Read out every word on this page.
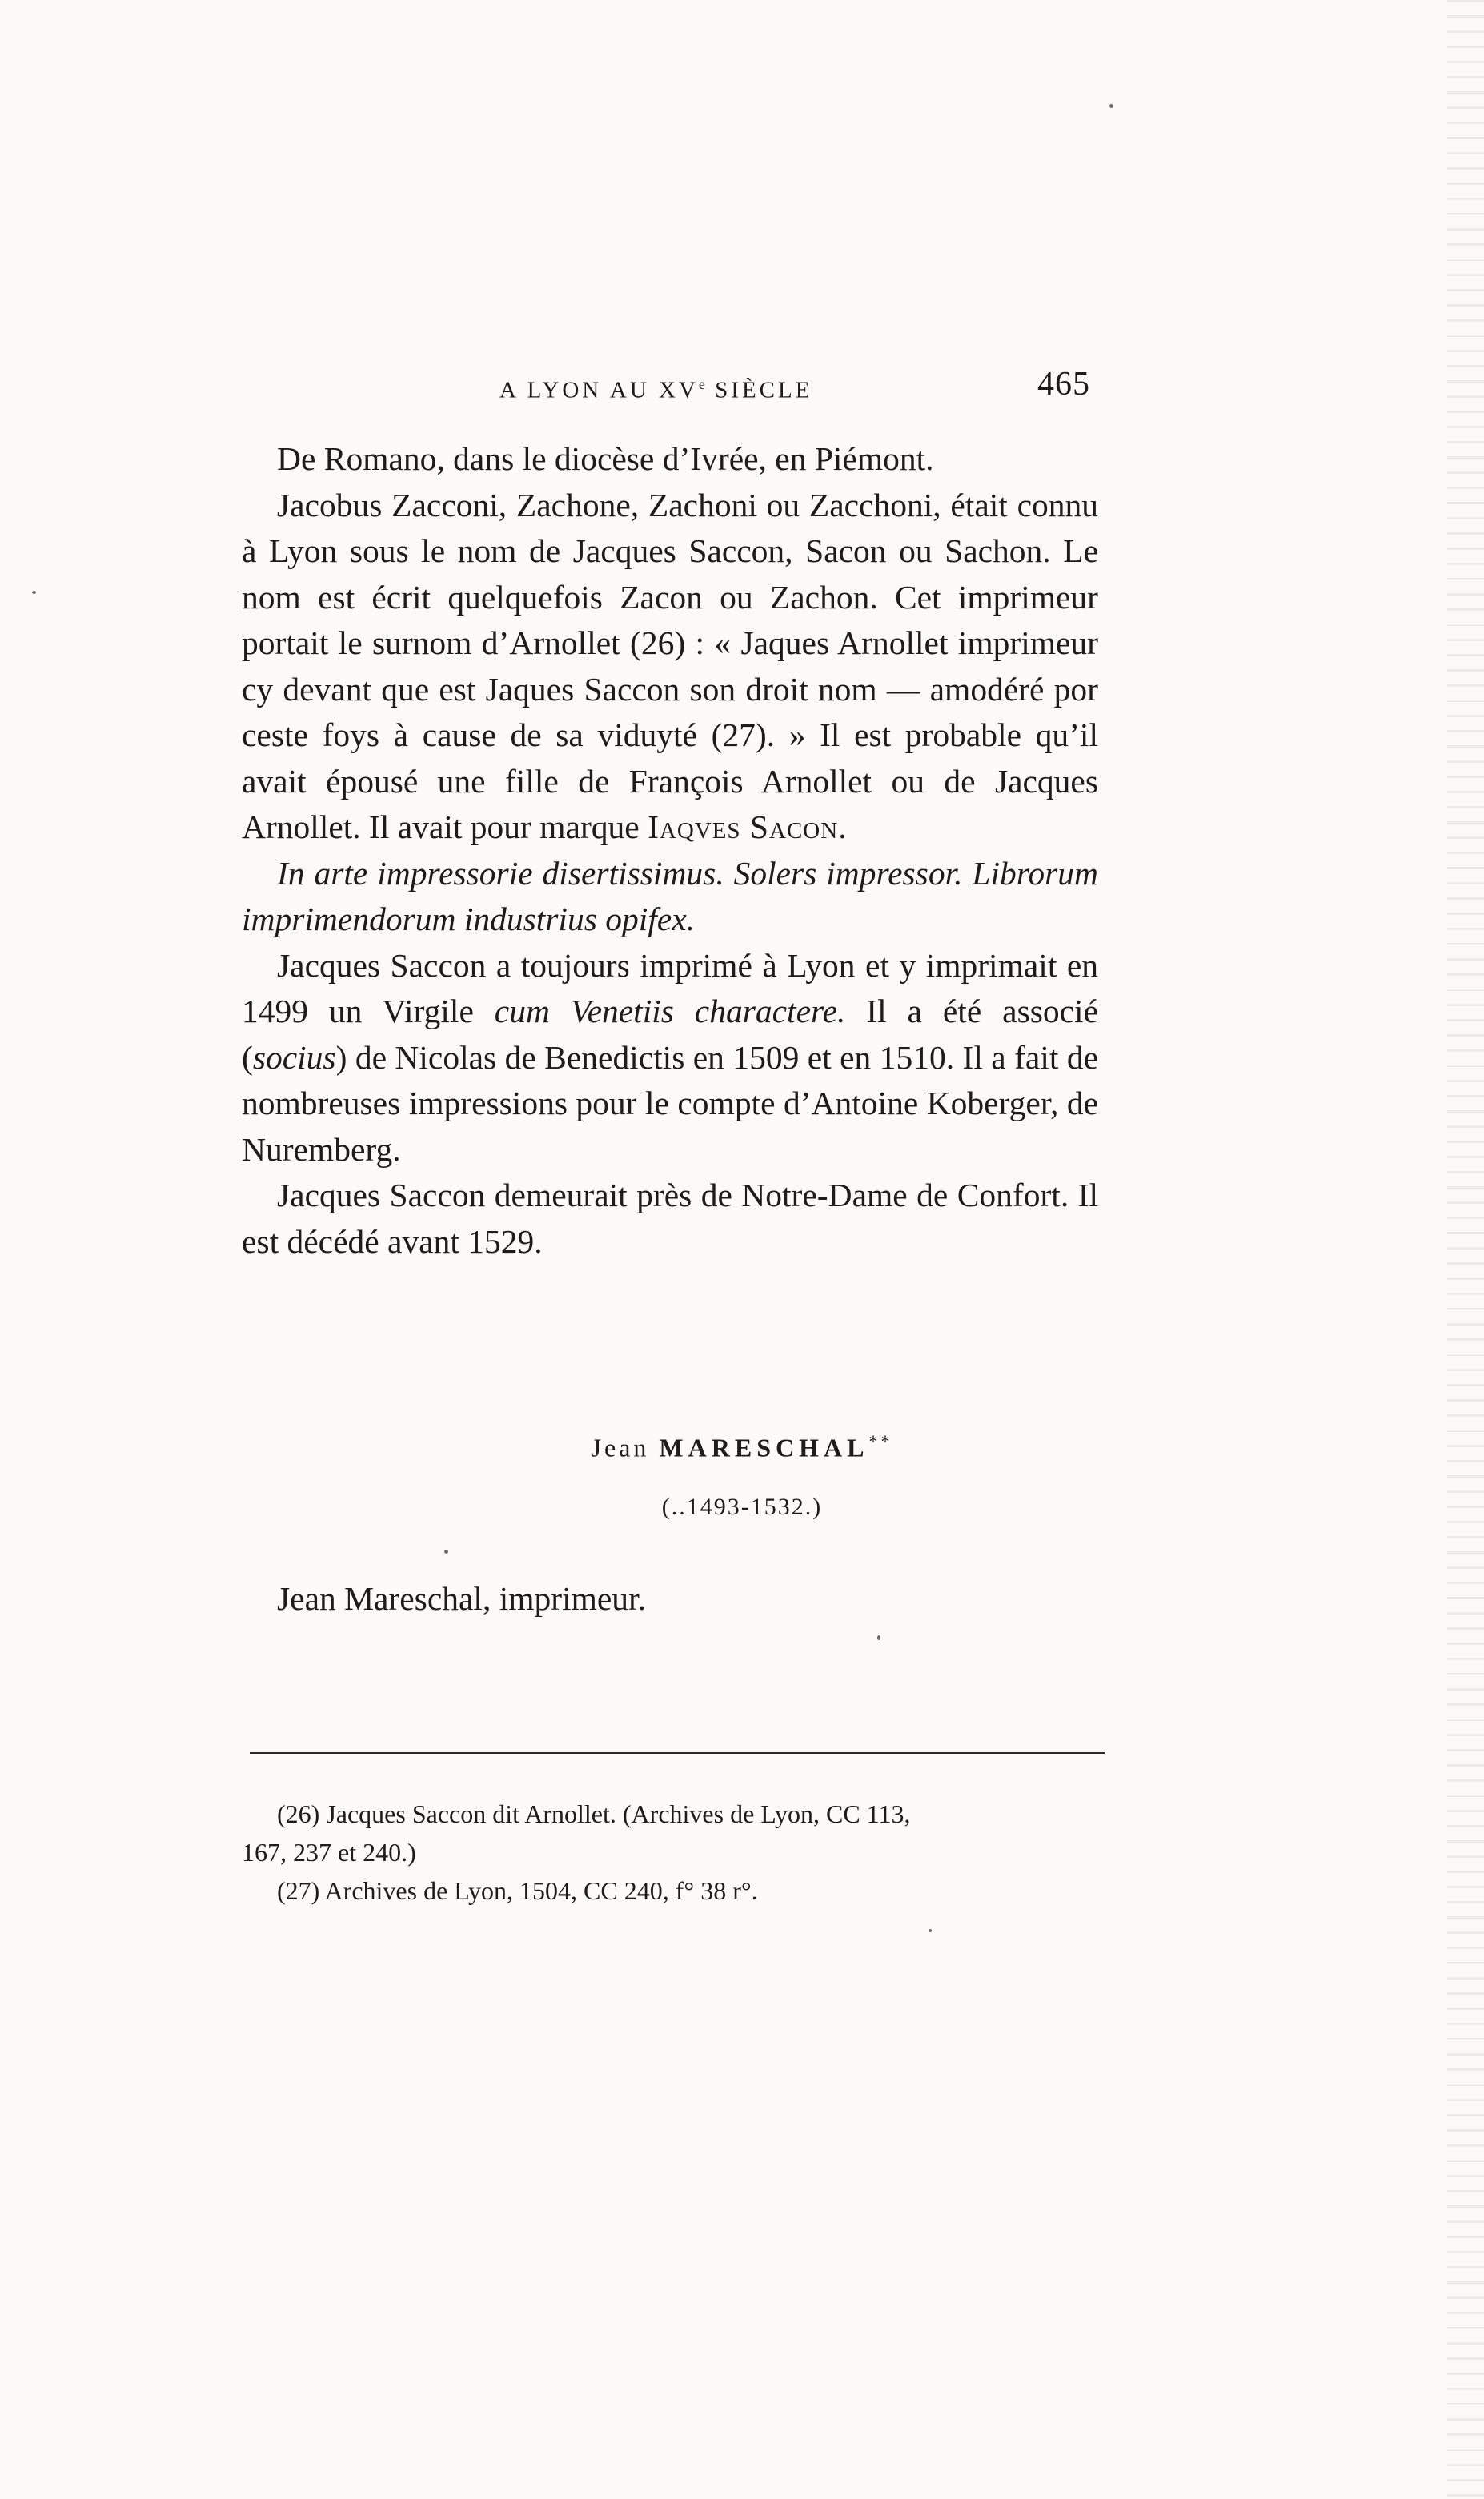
A LYON AU XVe SIÈCLE	465

De Romano, dans le diocèse d’Ivrée, en Piémont.

Jacobus Zacconi, Zachone, Zachoni ou Zacchoni, était connu à Lyon sous le nom de Jacques Saccon, Sacon ou Sachon. Le nom est écrit quelquefois Zacon ou Zachon. Cet imprimeur portait le surnom d’Arnollet (26) : « Jaques Arnollet imprimeur cy devant que est Jaques Saccon son droit nom — amodéré por ceste foys à cause de sa viduyté (27). » Il est probable qu’il avait épousé une fille de François Arnollet ou de Jacques Arnollet. Il avait pour marque Iaqves Sacon.

In arte impressorie disertissimus. Solers impressor. Librorum imprimendorum industrius opifex.

Jacques Saccon a toujours imprimé à Lyon et y imprimait en 1499 un Virgile cum Venetiis charactere. Il a été associé (socius) de Nicolas de Benedictis en 1509 et en 1510. Il a fait de nombreuses impressions pour le compte d’Antoine Koberger, de Nuremberg.

Jacques Saccon demeurait près de Notre-Dame de Confort. Il est décédé avant 1529.

Jean MARESCHAL**
(..1493-1532.)
Jean Mareschal, imprimeur.

(26) Jacques Saccon dit Arnollet. (Archives de Lyon, CC 113,

167, 237 et 240.)

(27) Archives de Lyon, 1504, CC 240, f° 38 r°.
